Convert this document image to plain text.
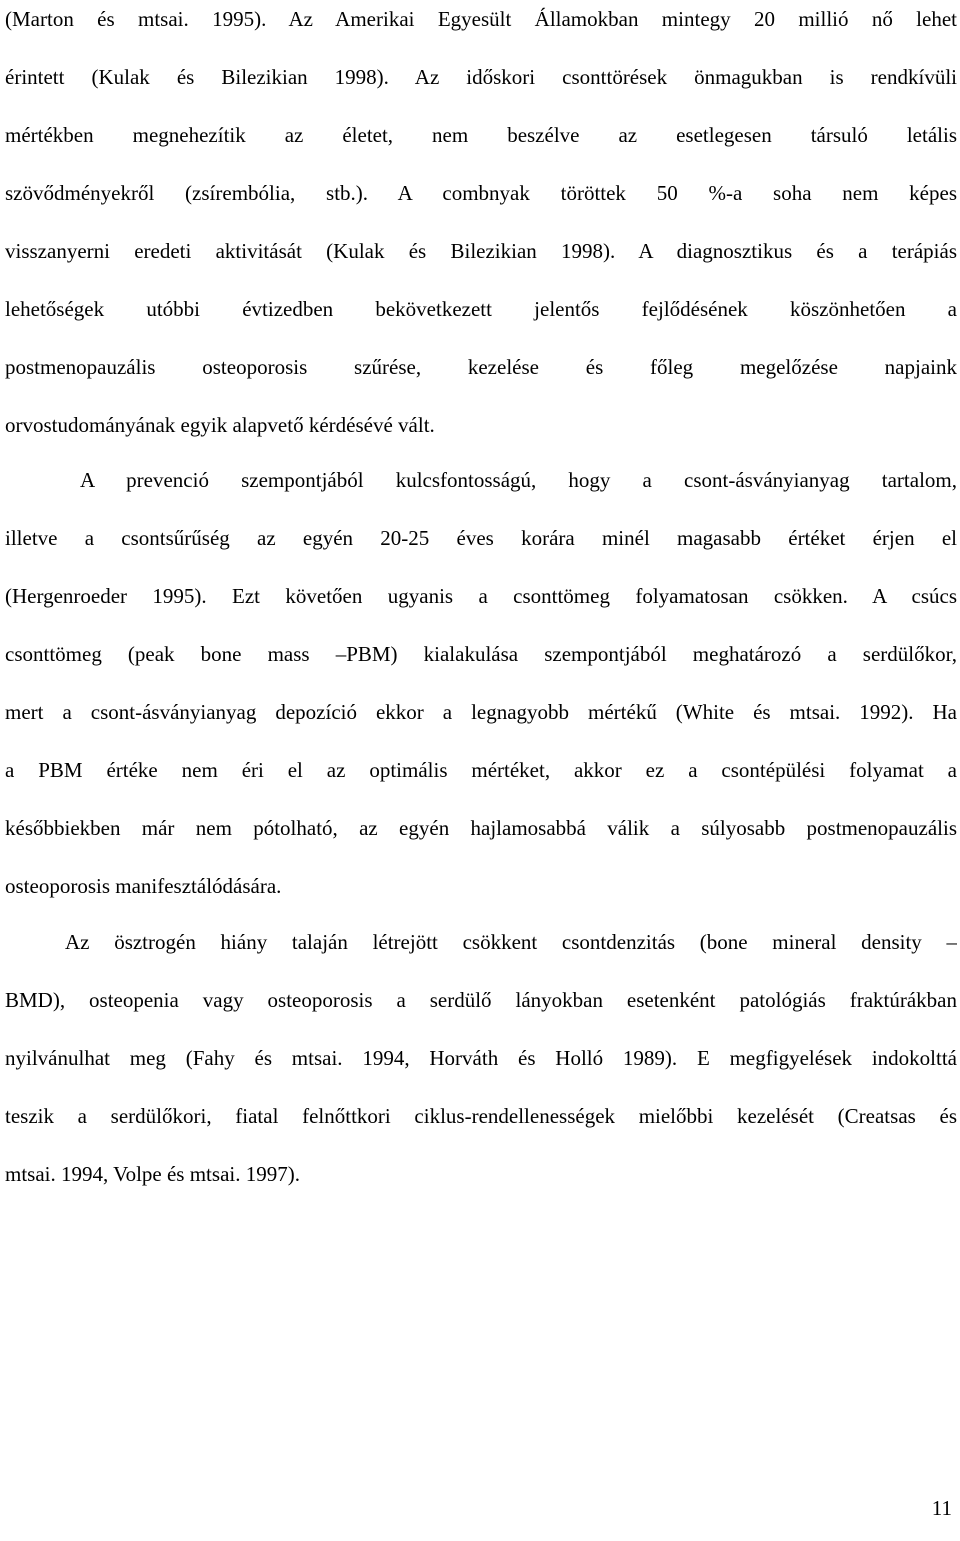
(Marton és mtsai. 1995). Az Amerikai Egyesült Államokban mintegy 20 millió nő lehet
érintett (Kulak és Bilezikian 1998). Az időskori csonttörések önmagukban is rendkívüli
mértékben megnehezítik az életet, nem beszélve az esetlegesen társuló letális
szövődményekről (zsírembólia, stb.). A combnyak töröttek 50 %-a soha nem képes
visszanyerni eredeti aktivitását (Kulak és Bilezikian 1998). A diagnosztikus és a terápiás
lehetőségek utóbbi évtizedben bekövetkezett jelentős fejlődésének köszönhetően a
postmenopauzális osteoporosis szűrése, kezelése és főleg megelőzése napjaink
orvostudományának egyik alapvető kérdésévé vált.
A prevenció szempontjából kulcsfontosságú, hogy a csont-ásványianyag tartalom,
illetve a csontsűrűség az egyén 20-25 éves korára minél magasabb értéket érjen el
(Hergenroeder 1995). Ezt követően ugyanis a csonttömeg folyamatosan csökken. A csúcs
csonttömeg (peak bone mass –PBM) kialakulása szempontjából meghatározó a serdülőkor,
mert a csont-ásványianyag depozíció ekkor a legnagyobb mértékű (White és mtsai. 1992). Ha
a PBM értéke nem éri el az optimális mértéket, akkor ez a csontépülési folyamat a
későbbiekben már nem pótolható, az egyén hajlamosabbá válik a súlyosabb postmenopauzális
osteoporosis manifesztálódására.
Az ösztrogén hiány talaján létrejött csökkent csontdenzitás (bone mineral density –
BMD), osteopenia vagy osteoporosis a serdülő lányokban esetenként patológiás fraktúrákban
nyilvánulhat meg (Fahy és mtsai. 1994, Horváth és Holló 1989). E megfigyelések indokolttá
teszik a serdülőkori, fiatal felnőttkori ciklus-rendellenességek mielőbbi kezelését (Creatsas és
mtsai. 1994, Volpe és mtsai. 1997).
11
